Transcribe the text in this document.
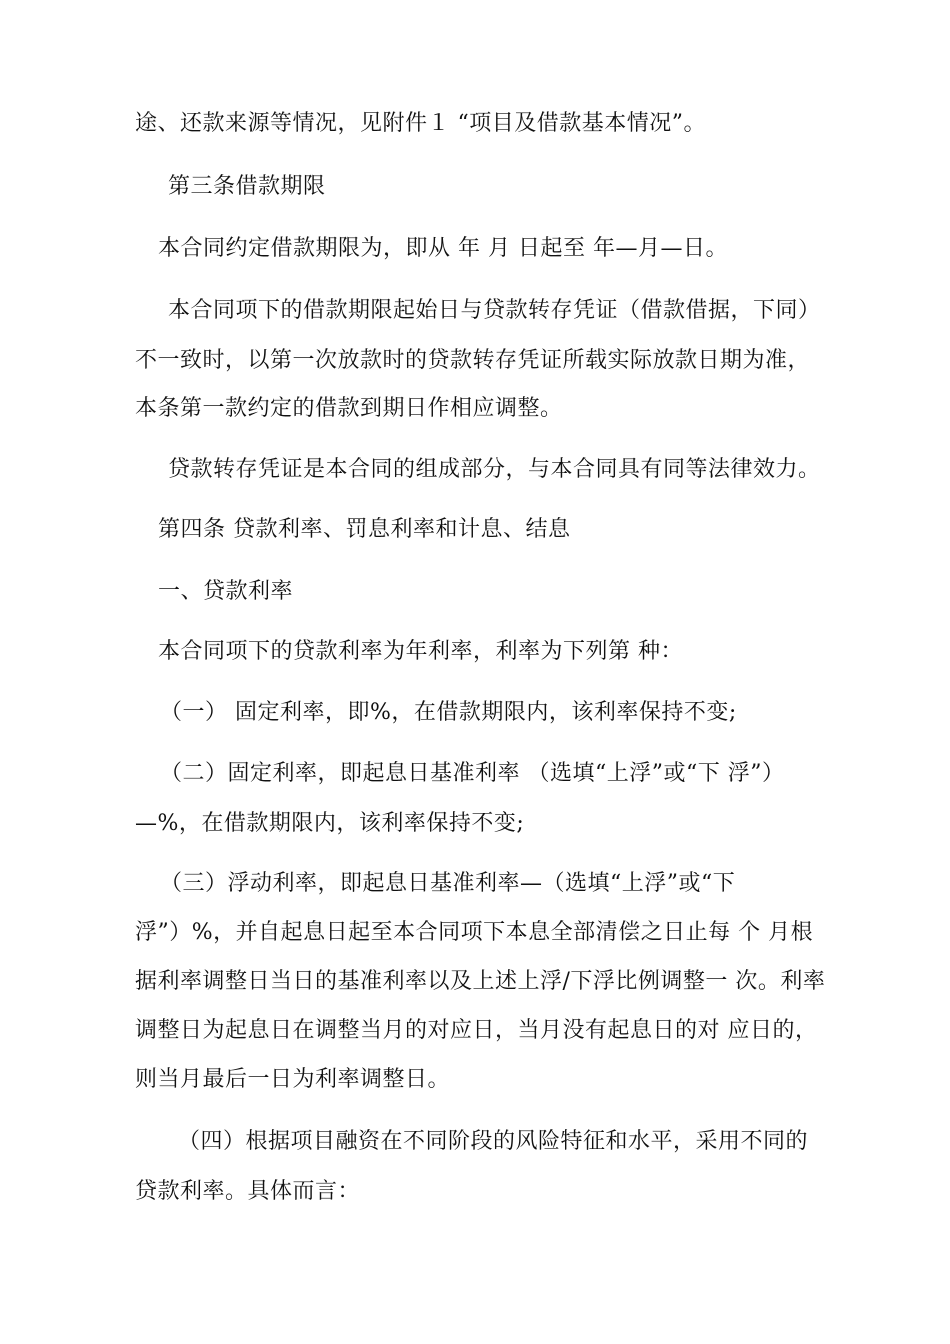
途、还款来源等情况，见附件１ “项目及借款基本情况”。
第三条借款期限
本合同约定借款期限为，即从 年 月 日起至 年—月—日。
本合同项下的借款期限起始日与贷款转存凭证（借款借据，下同）
不一致时，以第一次放款时的贷款转存凭证所载实际放款日期为准，
本条第一款约定的借款到期日作相应调整。
贷款转存凭证是本合同的组成部分，与本合同具有同等法律效力。
第四条 贷款利率、罚息利率和计息、结息
一、贷款利率
本合同项下的贷款利率为年利率，利率为下列第 种：
（一） 固定利率，即%，在借款期限内，该利率保持不变;
（二）固定利率，即起息日基准利率 （选填“上浮”或“下 浮”）
—%，在借款期限内，该利率保持不变;
（三）浮动利率，即起息日基准利率—（选填“上浮”或“下
浮”）%，并自起息日起至本合同项下本息全部清偿之日止每 个 月根
据利率调整日当日的基准利率以及上述上浮/下浮比例调整一 次。利率
调整日为起息日在调整当月的对应日，当月没有起息日的对 应日的，
则当月最后一日为利率调整日。
（四）根据项目融资在不同阶段的风险特征和水平，采用不同的
贷款利率。具体而言：
